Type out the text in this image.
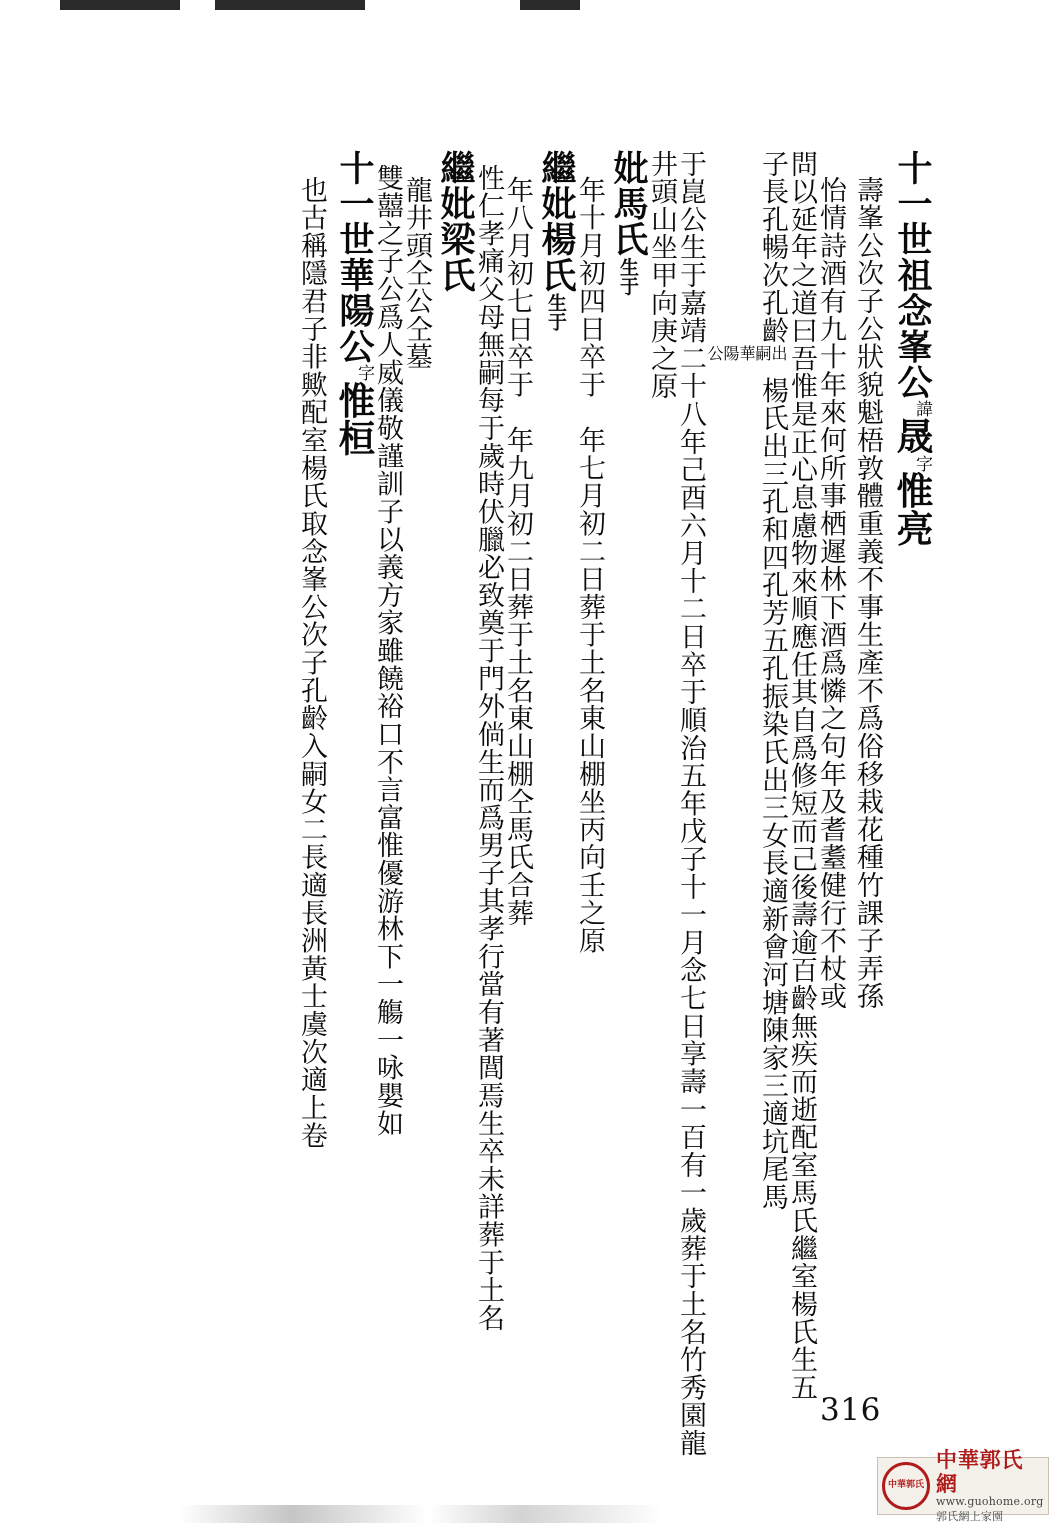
十一世祖念峯公諱晟字惟亮
壽峯公次子公狀貌魁梧敦體重義不事生產不爲俗移栽花種竹課子弄孫
怡情詩酒有九十年來何所事栖遲林下酒爲憐之句年及耆耋健行不杖或
問以延年之道曰吾惟是正心息慮物來順應任其自爲修短而己後壽逾百齡無疾而逝配室馬氏繼室楊氏生五
子長孔暢次孔齡出嗣華陽公楊氏出三孔和四孔芳五孔振染氏出三女長適新會河塘陳家三適坑尾馬
于崑公生于嘉靖二十八年己酉六月十二日卒于順治五年戊子十一月念七日享壽一百有一歲葬于土名竹秀園龍
井頭山坐甲向庚之原
妣馬氏生于
年十月初四日卒于　年七月初二日葬于土名東山棚坐丙向壬之原
繼妣楊氏生于
年八月初七日卒于　年九月初二日葬于土名東山棚仝馬氏合葬
性仁孝痛父母無嗣每于歲時伏臘必致奠于門外倘生而爲男子其孝行當有著閭焉生卒未詳葬于土名
繼妣梁氏
龍井頭仝公仝墓
雙囍之子公爲人威儀敬謹訓子以義方家雖饒裕口不言富惟優游林下一觴一咏嬰如
十一世華陽公字惟桓
也古稱隱君子非歟配室楊氏取念峯公次子孔齡入嗣女二長適長洲黃士虞次適上卷
316
中華郭氏
中華郭氏網
www.guohome.org
郭氏網上家園
